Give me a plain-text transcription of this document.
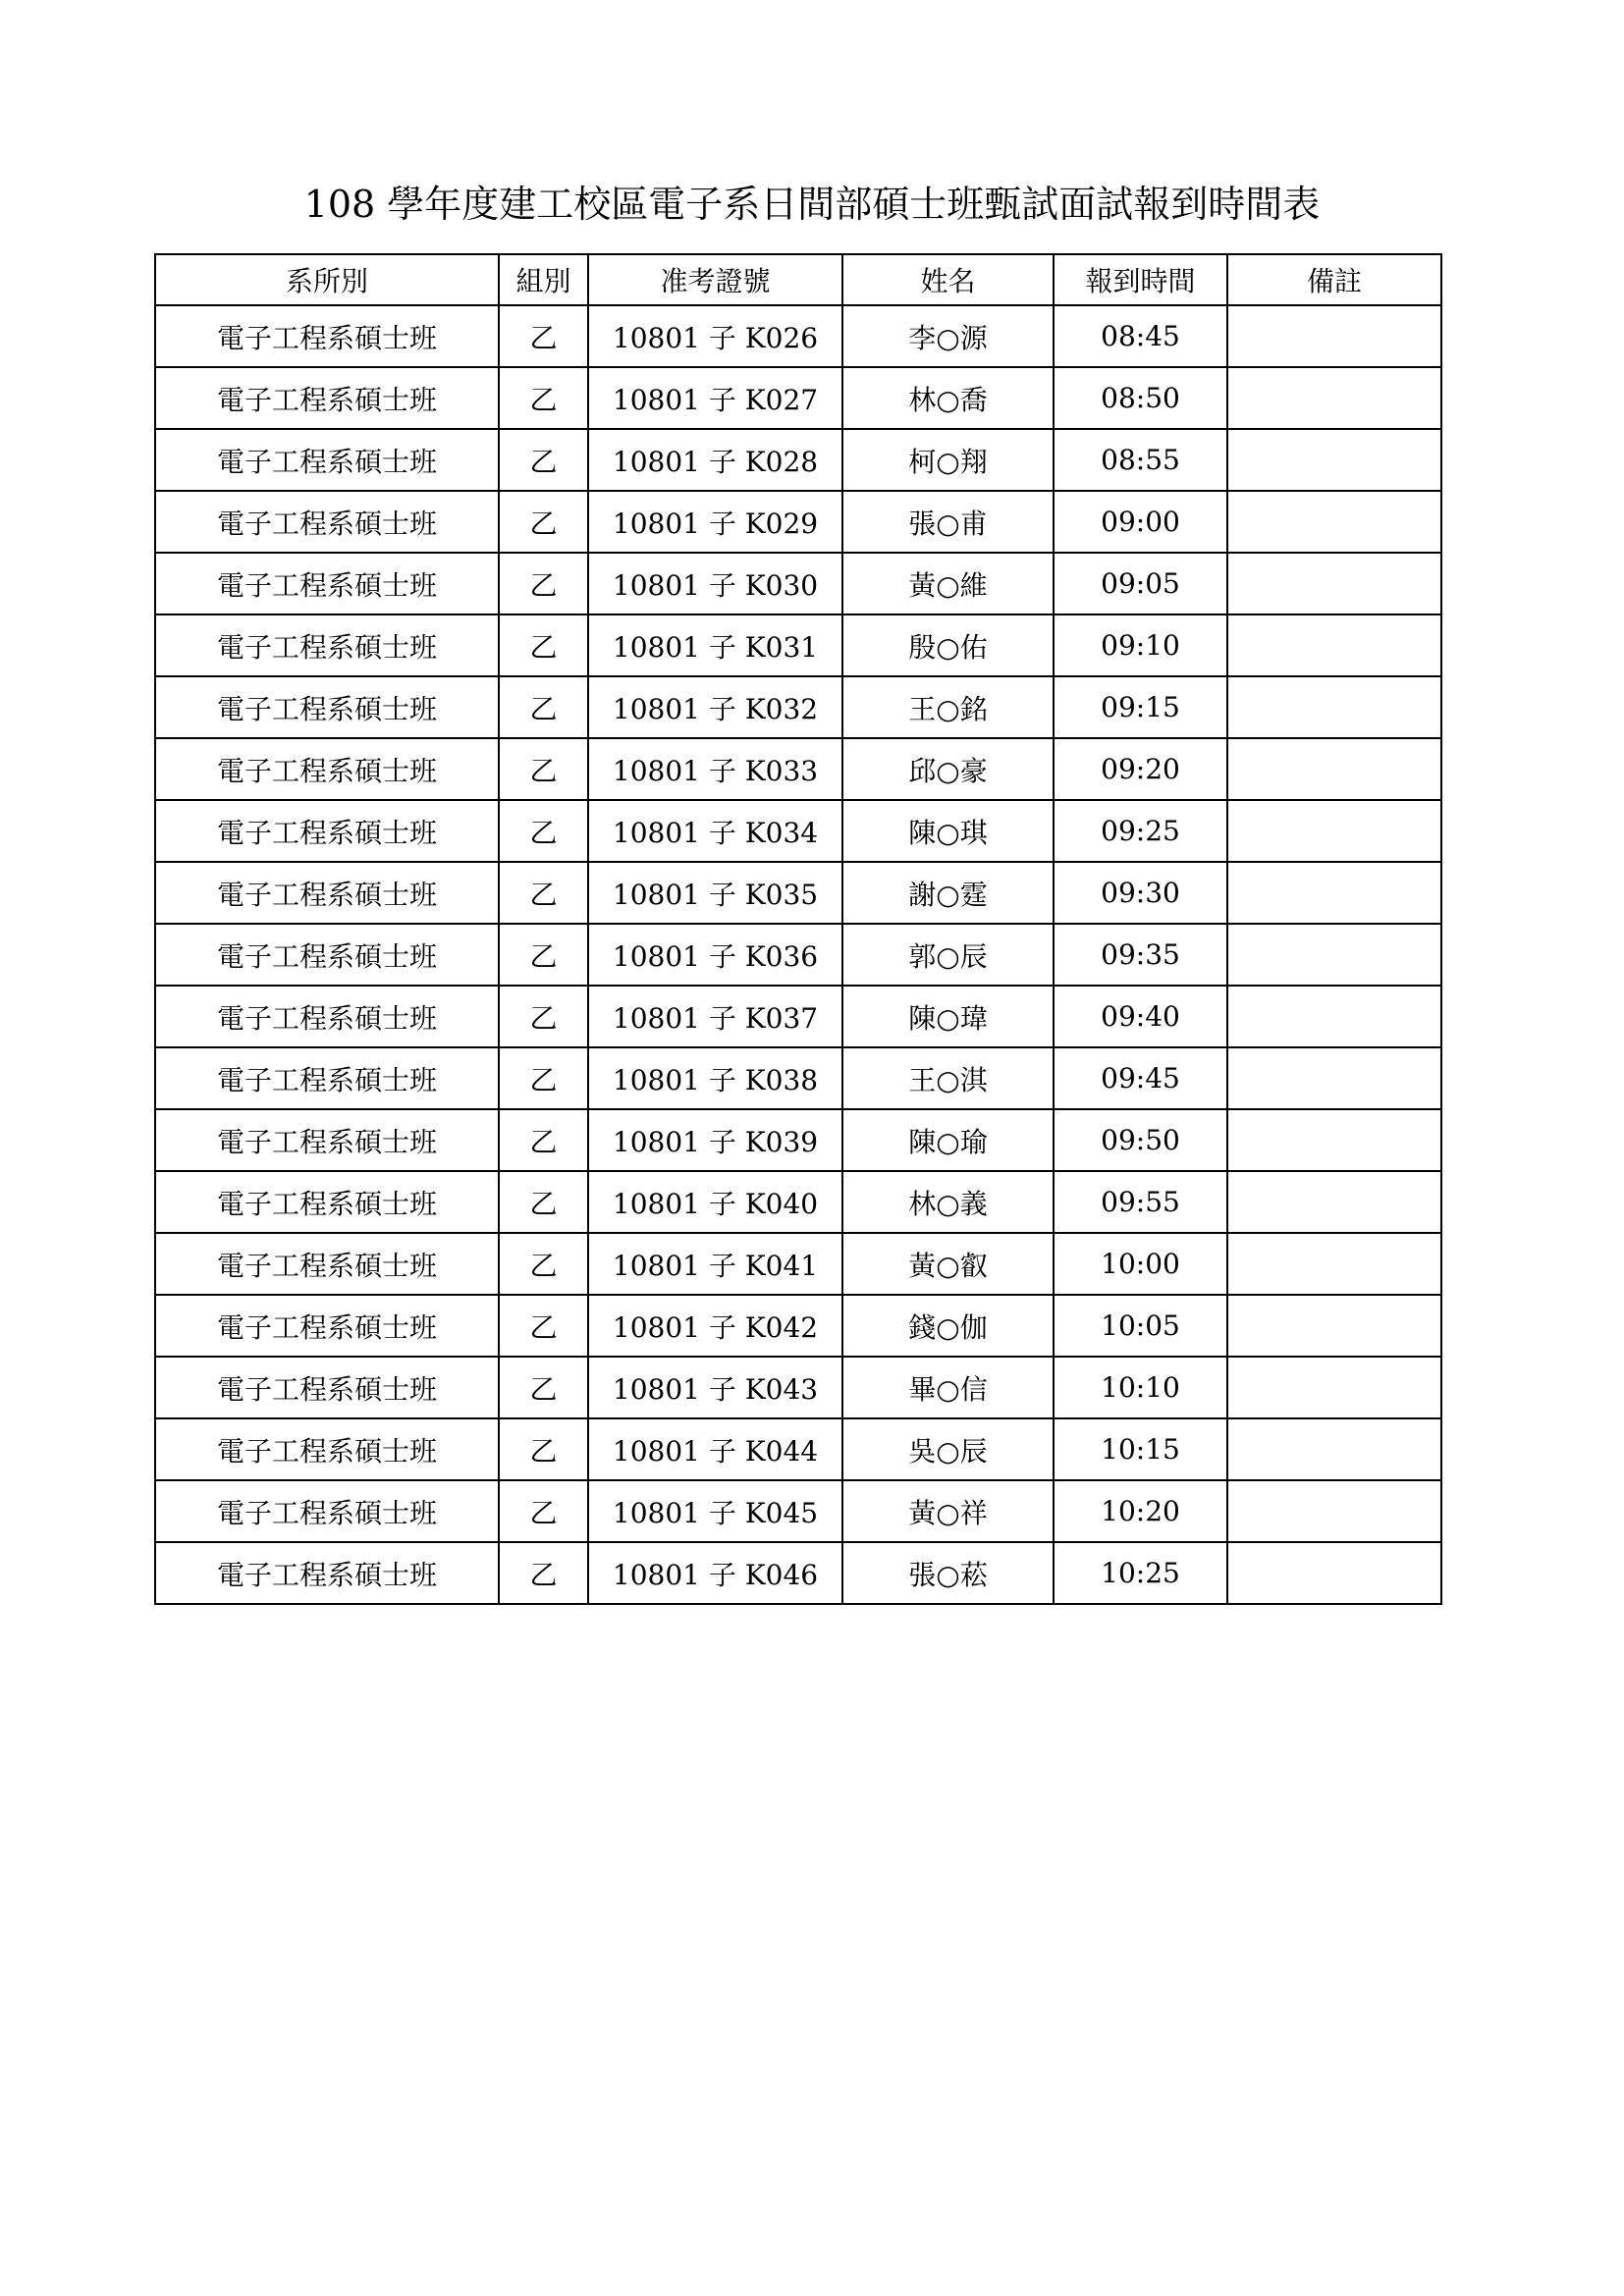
108 學年度建工校區電子系日間部碩士班甄試面試報到時間表
系所別	組別	准考證號	姓名	報到時間	備註
電子工程系碩士班	乙	10801 子 K026	李○源	08:45	
電子工程系碩士班	乙	10801 子 K027	林○喬	08:50	
電子工程系碩士班	乙	10801 子 K028	柯○翔	08:55	
電子工程系碩士班	乙	10801 子 K029	張○甫	09:00	
電子工程系碩士班	乙	10801 子 K030	黃○維	09:05	
電子工程系碩士班	乙	10801 子 K031	殷○佑	09:10	
電子工程系碩士班	乙	10801 子 K032	王○銘	09:15	
電子工程系碩士班	乙	10801 子 K033	邱○豪	09:20	
電子工程系碩士班	乙	10801 子 K034	陳○琪	09:25	
電子工程系碩士班	乙	10801 子 K035	謝○霆	09:30	
電子工程系碩士班	乙	10801 子 K036	郭○辰	09:35	
電子工程系碩士班	乙	10801 子 K037	陳○瑋	09:40	
電子工程系碩士班	乙	10801 子 K038	王○淇	09:45	
電子工程系碩士班	乙	10801 子 K039	陳○瑜	09:50	
電子工程系碩士班	乙	10801 子 K040	林○義	09:55	
電子工程系碩士班	乙	10801 子 K041	黃○叡	10:00	
電子工程系碩士班	乙	10801 子 K042	錢○伽	10:05	
電子工程系碩士班	乙	10801 子 K043	畢○信	10:10	
電子工程系碩士班	乙	10801 子 K044	吳○辰	10:15	
電子工程系碩士班	乙	10801 子 K045	黃○祥	10:20	
電子工程系碩士班	乙	10801 子 K046	張○菘	10:25	
